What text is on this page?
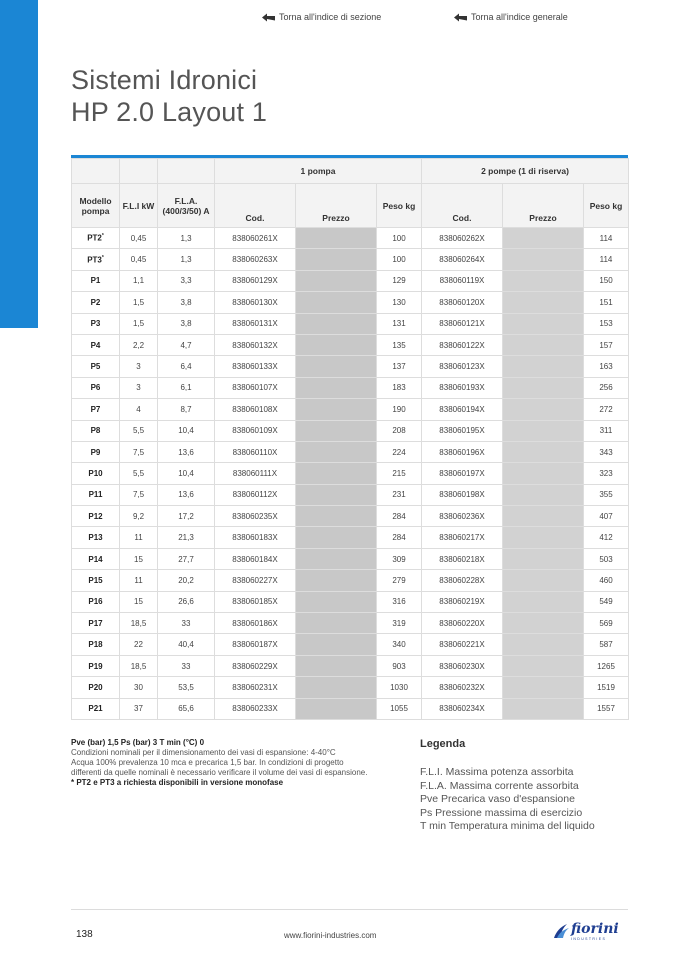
Torna all'indice di sezione	Torna all'indice generale
Sistemi Idronici
HP 2.0 Layout 1
			1 pompa			2 pompe (1 di riserva)		
Modello pompa	F.L.I kW	F.L.A. (400/3/50) A	Cod.	Prezzo	Peso kg	Cod.	Prezzo	Peso kg
PT2*	0,45	1,3	838060261X		100	838060262X		114
PT3*	0,45	1,3	838060263X		100	838060264X		114
P1	1,1	3,3	838060129X		129	838060119X		150
P2	1,5	3,8	838060130X		130	838060120X		151
P3	1,5	3,8	838060131X		131	838060121X		153
P4	2,2	4,7	838060132X		135	838060122X		157
P5	3	6,4	838060133X		137	838060123X		163
P6	3	6,1	838060107X		183	838060193X		256
P7	4	8,7	838060108X		190	838060194X		272
P8	5,5	10,4	838060109X		208	838060195X		311
P9	7,5	13,6	838060110X		224	838060196X		343
P10	5,5	10,4	838060111X		215	838060197X		323
P11	7,5	13,6	838060112X		231	838060198X		355
P12	9,2	17,2	838060235X		284	838060236X		407
P13	11	21,3	838060183X		284	838060217X		412
P14	15	27,7	838060184X		309	838060218X		503
P15	11	20,2	838060227X		279	838060228X		460
P16	15	26,6	838060185X		316	838060219X		549
P17	18,5	33	838060186X		319	838060220X		569
P18	22	40,4	838060187X		340	838060221X		587
P19	18,5	33	838060229X		903	838060230X		1265
P20	30	53,5	838060231X		1030	838060232X		1519
P21	37	65,6	838060233X		1055	838060234X		1557

Pve (bar) 1,5 Ps (bar) 3 T min (°C) 0

Condizioni nominali per il dimensionamento dei vasi di espansione: 4-40°C

Acqua 100% prevalenza 10 mca e precarica 1,5 bar. In condizioni di progetto differenti da quelle nominali è necessario verificare il volume dei vasi di espansione.

* PT2 e PT3 a richiesta disponibili in versione monofase

Legenda

F.L.I. Massima potenza assorbita

F.L.A. Massima corrente assorbita

Pve Precarica vaso d'espansione

Ps Pressione massima di esercizio

T min Temperatura minima del liquido

138	www.fiorini-industries.com	fiorini
INDUSTRIES
